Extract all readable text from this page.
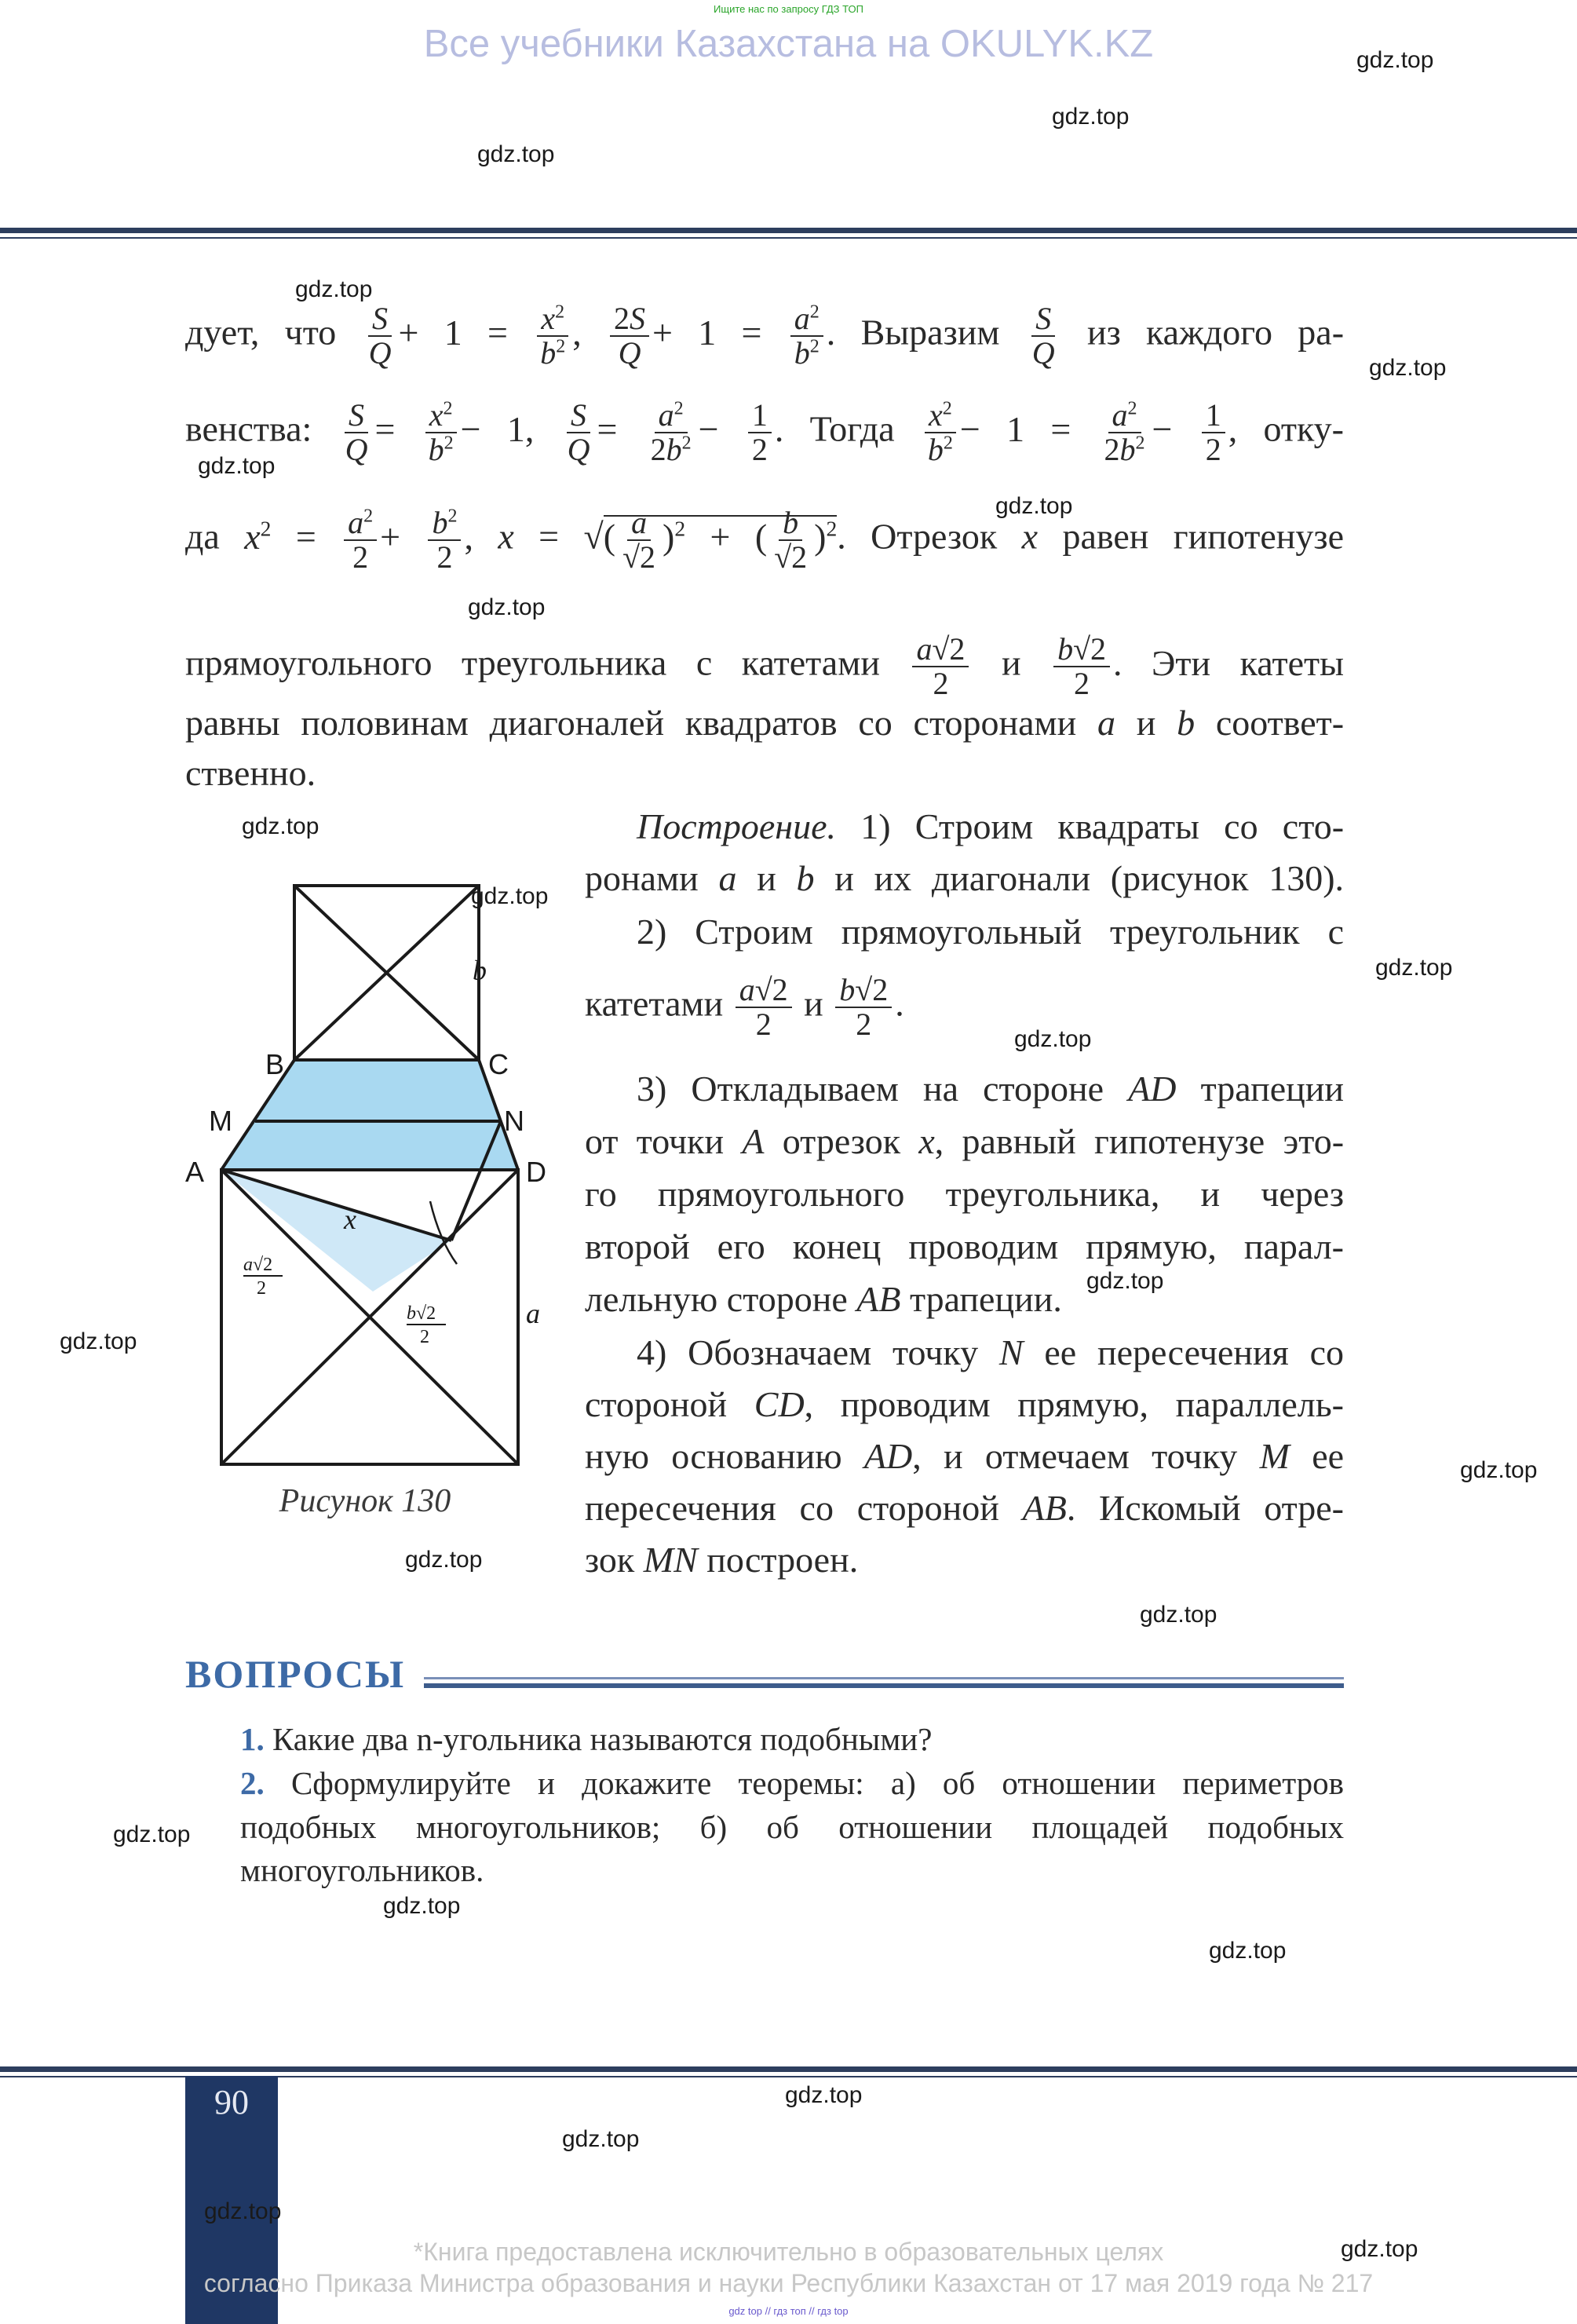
Ищите нас по запросу ГДЗ ТОП
Все учебники Казахстана на OKULYK.KZ
дует, что $\frac{S}{Q} + 1 = \frac{x^2}{b^2}$ , $\frac{2S}{Q} + 1 = \frac{a^2}{b^2}$ . Выразим $\frac{S}{Q}$ из каждого ра-
венства: $\frac{S}{Q} = \frac{x^2}{b^2} - 1$, $\frac{S}{Q} = \frac{a^2}{2b^2} - \frac{1}{2}$ . Тогда $\frac{x^2}{b^2} - 1 = \frac{a^2}{2b^2} - \frac{1}{2}$ , отку-
да $x^2 = \frac{a^2}{2} + \frac{b^2}{2}$ , x = √( $\frac{a}{√2} )^2$ + ( $\frac{b}{√2} )^2$. Отрезок x равен гипотенузе
прямоугольного треугольника с катетами $\frac{a√2}{2}$ и $\frac{b√2}{2}$ . Эти катеты
равны половинам диагоналей квадратов со сторонами a и b соответ-
ственно.
Построение. 1) Строим квадраты со сто-
ронами a и b и их диагонали (рисунок 130).
2) Строим прямоугольный треугольник с
катетами $\frac{a√2}{2}$ и $\frac{b√2}{2}$ .
3) Откладываем на стороне AD трапеции
от точки A отрезок x, равный гипотенузе это-
го прямоугольного треугольника, и через
второй его конец проводим прямую, парал-
лельную стороне AB трапеции.
4) Обозначаем точку N ее пересечения со
стороной CD, проводим прямую, параллель-
ную основанию AD, и отмечаем точку M ее
пересечения со стороной AB. Искомый отре-
зок MN построен.
B	C
M	N
A	D
b
a
x
a√2
2
b√2
2
Рисунок 130
ВОПРОСЫ
1. Какие два n-угольника называются подобными?
2. Сформулируйте и докажите теоремы: а) об отношении периметров
подобных многоугольников; б) об отношении площадей подобных
многоугольников.
90
*Книга предоставлена исключительно в образовательных целях
согласно Приказа Министра образования и науки Республики Казахстан от 17 мая 2019 года № 217
gdz top // гдз топ // гдз top
gdz.top
gdz.top
gdz.top
gdz.top
gdz.top
gdz.top
gdz.top
gdz.top
gdz.top
gdz.top
gdz.top
gdz.top
gdz.top
gdz.top
gdz.top
gdz.top
gdz.top
gdz.top
gdz.top
gdz.top
gdz.top
gdz.top
gdz.top
gdz.top
